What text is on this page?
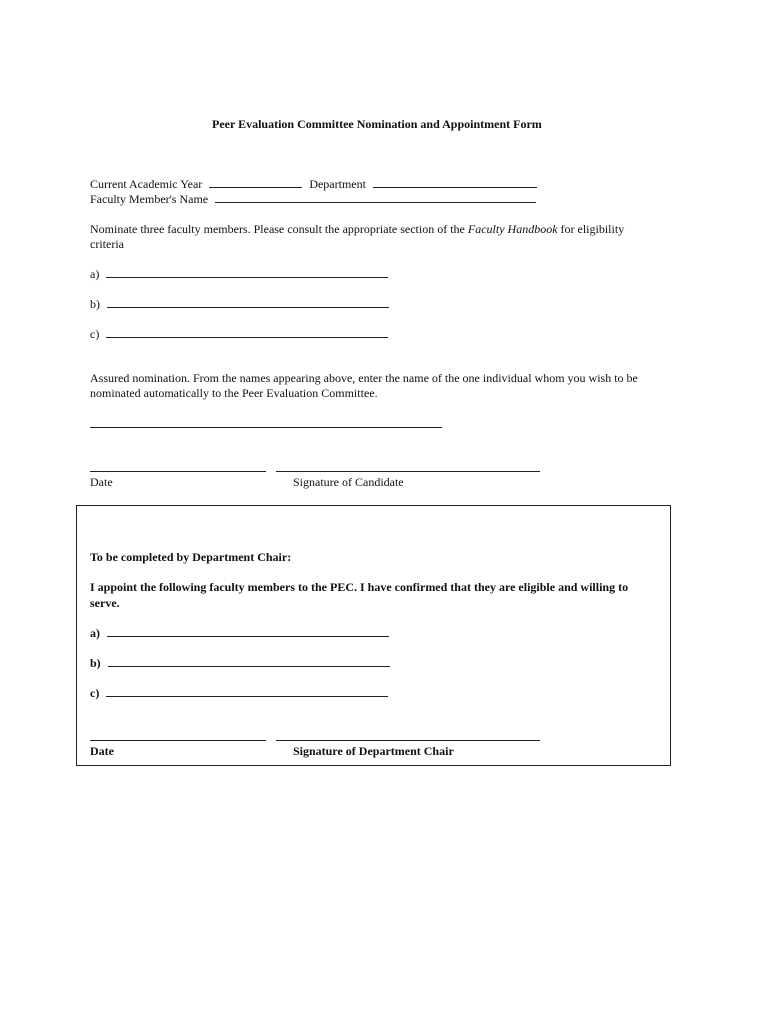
Peer Evaluation Committee Nomination and Appointment Form
Current Academic Year	Department
Faculty Member's Name
Nominate three faculty members. Please consult the appropriate section of the Faculty Handbook for eligibility
criteria
a)
b)
c)
Assured nomination. From the names appearing above, enter the name of the one individual whom you wish to be
nominated automatically to the Peer Evaluation Committee.
Date	Signature of Candidate
To be completed by Department Chair:
I appoint the following faculty members to the PEC. I have confirmed that they are eligible and willing to
serve.
a)
b)
c)
Date	Signature of Department Chair
